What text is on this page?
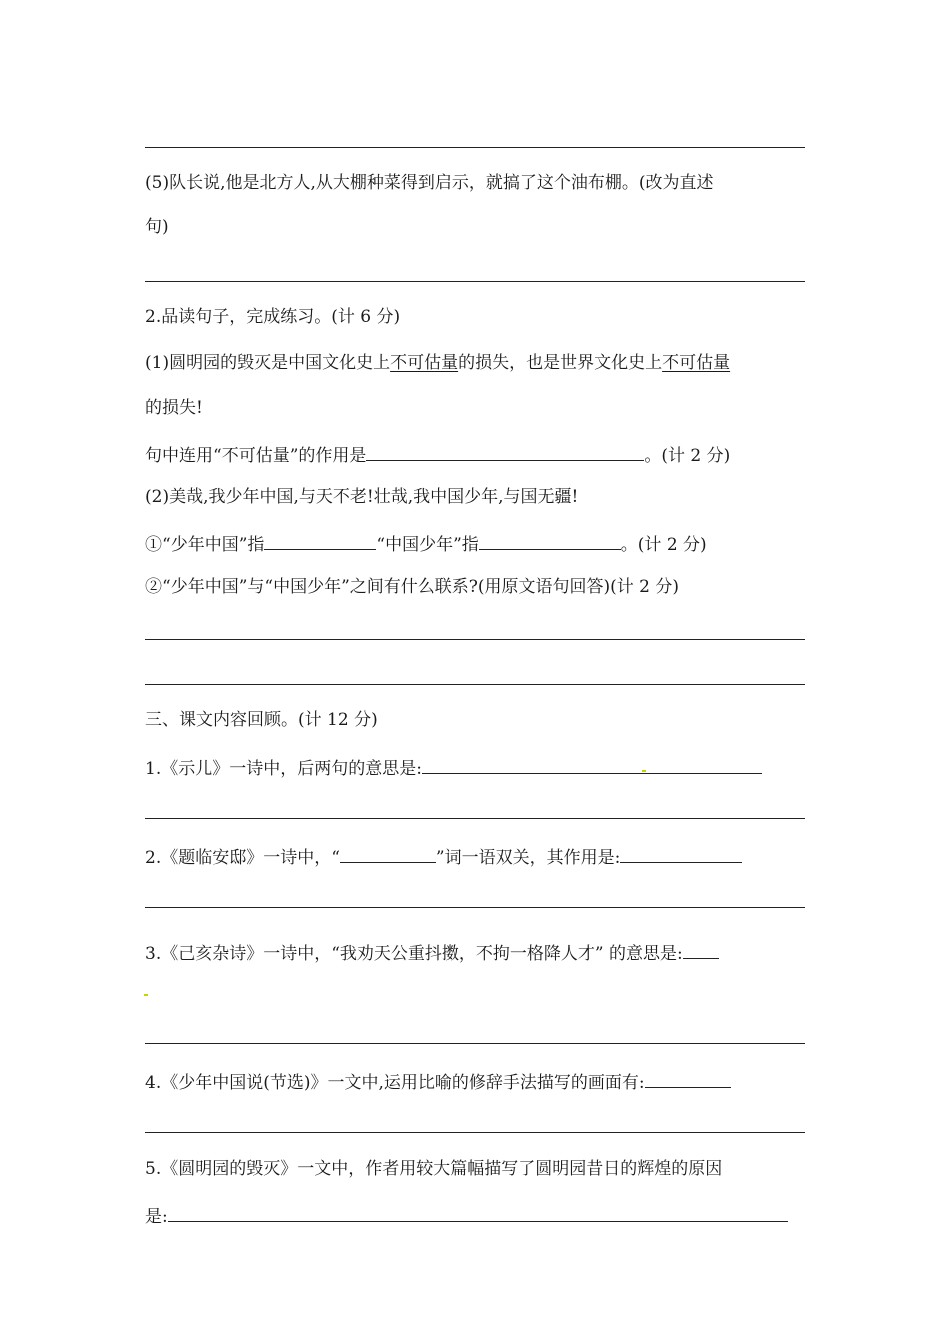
(5)队长说,他是北方人,从大棚种菜得到启示，就搞了这个油布棚。(改为直述
句)
2.品读句子，完成练习。(计 6 分)
(1)圆明园的毁灭是中国文化史上不可估量的损失，也是世界文化史上不可估量
的损失!
句中连用“不可估量”的作用是	。(计 2 分)
(2)美哉,我少年中国,与天不老!壮哉,我中国少年,与国无疆!
①“少年中国”指	“中国少年”指	。(计 2 分)
②“少年中国”与“中国少年”之间有什么联系?(用原文语句回答)(计 2 分)
三、课文内容回顾。(计 12 分)
1.《示儿》一诗中，后两句的意思是:
2.《题临安邸》一诗中，“	”词一语双关，其作用是:
3.《己亥杂诗》一诗中，“我劝天公重抖擞，不拘一格降人才” 的意思是:
4.《少年中国说(节选)》一文中,运用比喻的修辞手法描写的画面有:
5.《圆明园的毁灭》一文中，作者用较大篇幅描写了圆明园昔日的辉煌的原因
是:
